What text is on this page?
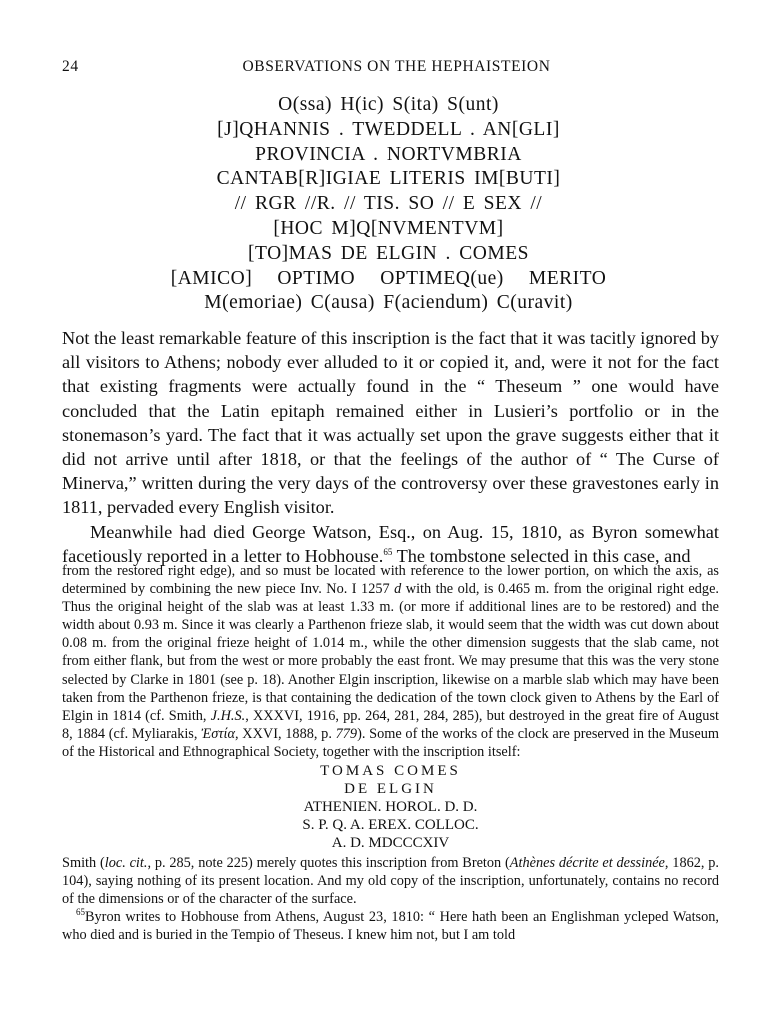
24	OBSERVATIONS ON THE HEPHAISTEION
O(ssa) H(ic) S(ita) S(unt)
[J]QHANNIS . TWEDDELL . AN[GLI]
PROVINCIA . NORTVMBRIA
CANTAB[R]IGIAE LITERIS IM[BUTI]
// RGR //R. // TIS. SO // E SEX //
[HOC M]Q[NVMENTVM]
[TO]MAS DE ELGIN . COMES
[AMICO]   OPTIMO   OPTIMEQ(ue)   MERITO
M(emoriae) C(ausa) F(aciendum) C(uravit)

Not the least remarkable feature of this inscription is the fact that it was tacitly ignored by all visitors to Athens; nobody ever alluded to it or copied it, and, were it not for the fact that existing fragments were actually found in the “ Theseum ” one would have concluded that the Latin epitaph remained either in Lusieri’s portfolio or in the stonemason’s yard. The fact that it was actually set upon the grave suggests either that it did not arrive until after 1818, or that the feelings of the author of “ The Curse of Minerva,” written during the very days of the controversy over these gravestones early in 1811, pervaded every English visitor.

Meanwhile had died George Watson, Esq., on Aug. 15, 1810, as Byron somewhat facetiously reported in a letter to Hobhouse.$^{65}$ The tombstone selected in this case, and

from the restored right edge), and so must be located with reference to the lower portion, on which the axis, as determined by combining the new piece Inv. No. I 1257 d with the old, is 0.465 m. from the original right edge. Thus the original height of the slab was at least 1.33 m. (or more if additional lines are to be restored) and the width about 0.93 m. Since it was clearly a Parthenon frieze slab, it would seem that the width was cut down about 0.08 m. from the original frieze height of 1.014 m., while the other dimension suggests that the slab came, not from either flank, but from the west or more probably the east front. We may presume that this was the very stone selected by Clarke in 1801 (see p. 18). Another Elgin inscription, likewise on a marble slab which may have been taken from the Parthenon frieze, is that containing the dedication of the town clock given to Athens by the Earl of Elgin in 1814 (cf. Smith, J.H.S., XXXVI, 1916, pp. 264, 281, 284, 285), but destroyed in the great fire of August 8, 1884 (cf. Myliarakis, Ἐστία, XXVI, 1888, p. 779). Some of the works of the clock are preserved in the Museum of the Historical and Ethnographical Society, together with the inscription itself:

TOMAS COMES
DE ELGIN
ATHENIEN. HOROL. D. D.
S. P. Q. A. EREX. COLLOC.
A. D. MDCCCXIV

Smith (loc. cit., p. 285, note 225) merely quotes this inscription from Breton (Athènes décrite et dessinée, 1862, p. 104), saying nothing of its present location. And my old copy of the inscription, unfortunately, contains no record of the dimensions or of the character of the surface.

$^{65}$Byron writes to Hobhouse from Athens, August 23, 1810: “ Here hath been an Englishman ycleped Watson, who died and is buried in the Tempio of Theseus. I knew him not, but I am told
